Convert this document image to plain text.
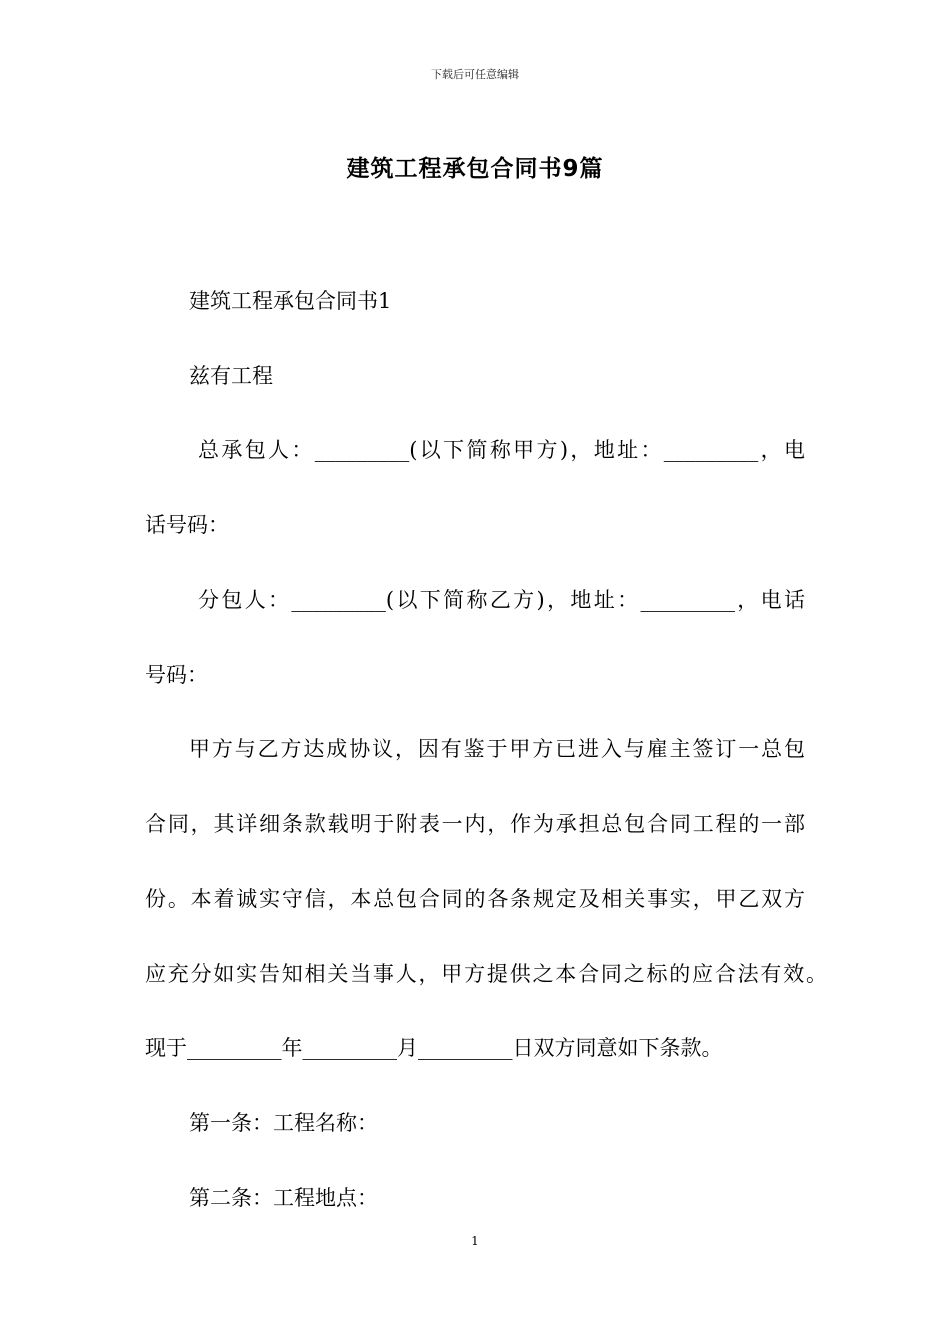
下载后可任意编辑
建筑工程承包合同书9篇
建筑工程承包合同书1
兹有工程
总承包人：_________(以下简称甲方)，地址：_________，电
话号码：
分包人：_________(以下简称乙方)，地址：_________，电话
号码：
甲方与乙方达成协议，因有鉴于甲方已进入与雇主签订一总包
合同，其详细条款载明于附表一内，作为承担总包合同工程的一部
份。本着诚实守信，本总包合同的各条规定及相关事实，甲乙双方
应充分如实告知相关当事人，甲方提供之本合同之标的应合法有效。
现于_________年_________月_________日双方同意如下条款。
第一条：工程名称：
第二条：工程地点：
1
